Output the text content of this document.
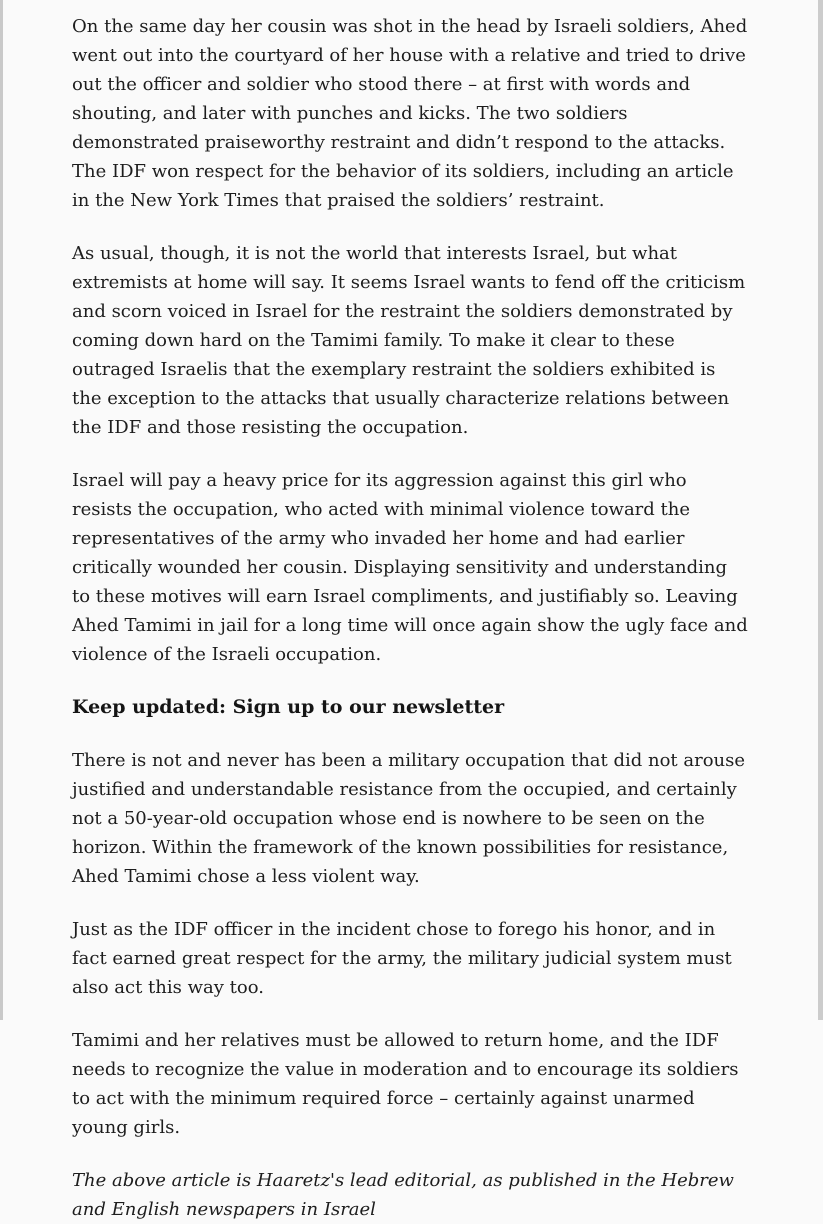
On the same day her cousin was shot in the head by Israeli soldiers, Ahed went out into the courtyard of her house with a relative and tried to drive out the officer and soldier who stood there – at first with words and shouting, and later with punches and kicks. The two soldiers demonstrated praiseworthy restraint and didn’t respond to the attacks. The IDF won respect for the behavior of its soldiers, including an article in the New York Times that praised the soldiers’ restraint.

As usual, though, it is not the world that interests Israel, but what extremists at home will say. It seems Israel wants to fend off the criticism and scorn voiced in Israel for the restraint the soldiers demonstrated by coming down hard on the Tamimi family. To make it clear to these outraged Israelis that the exemplary restraint the soldiers exhibited is the exception to the attacks that usually characterize relations between the IDF and those resisting the occupation.

Israel will pay a heavy price for its aggression against this girl who resists the occupation, who acted with minimal violence toward the representatives of the army who invaded her home and had earlier critically wounded her cousin. Displaying sensitivity and understanding to these motives will earn Israel compliments, and justifiably so. Leaving Ahed Tamimi in jail for a long time will once again show the ugly face and violence of the Israeli occupation.

Keep updated: Sign up to our newsletter

There is not and never has been a military occupation that did not arouse justified and understandable resistance from the occupied, and certainly not a 50-year-old occupation whose end is nowhere to be seen on the horizon. Within the framework of the known possibilities for resistance, Ahed Tamimi chose a less violent way.

Just as the IDF officer in the incident chose to forego his honor, and in fact earned great respect for the army, the military judicial system must also act this way too.

Tamimi and her relatives must be allowed to return home, and the IDF needs to recognize the value in moderation and to encourage its soldiers to act with the minimum required force – certainly against unarmed young girls.

The above article is Haaretz's lead editorial, as published in the Hebrew and English newspapers in Israel
